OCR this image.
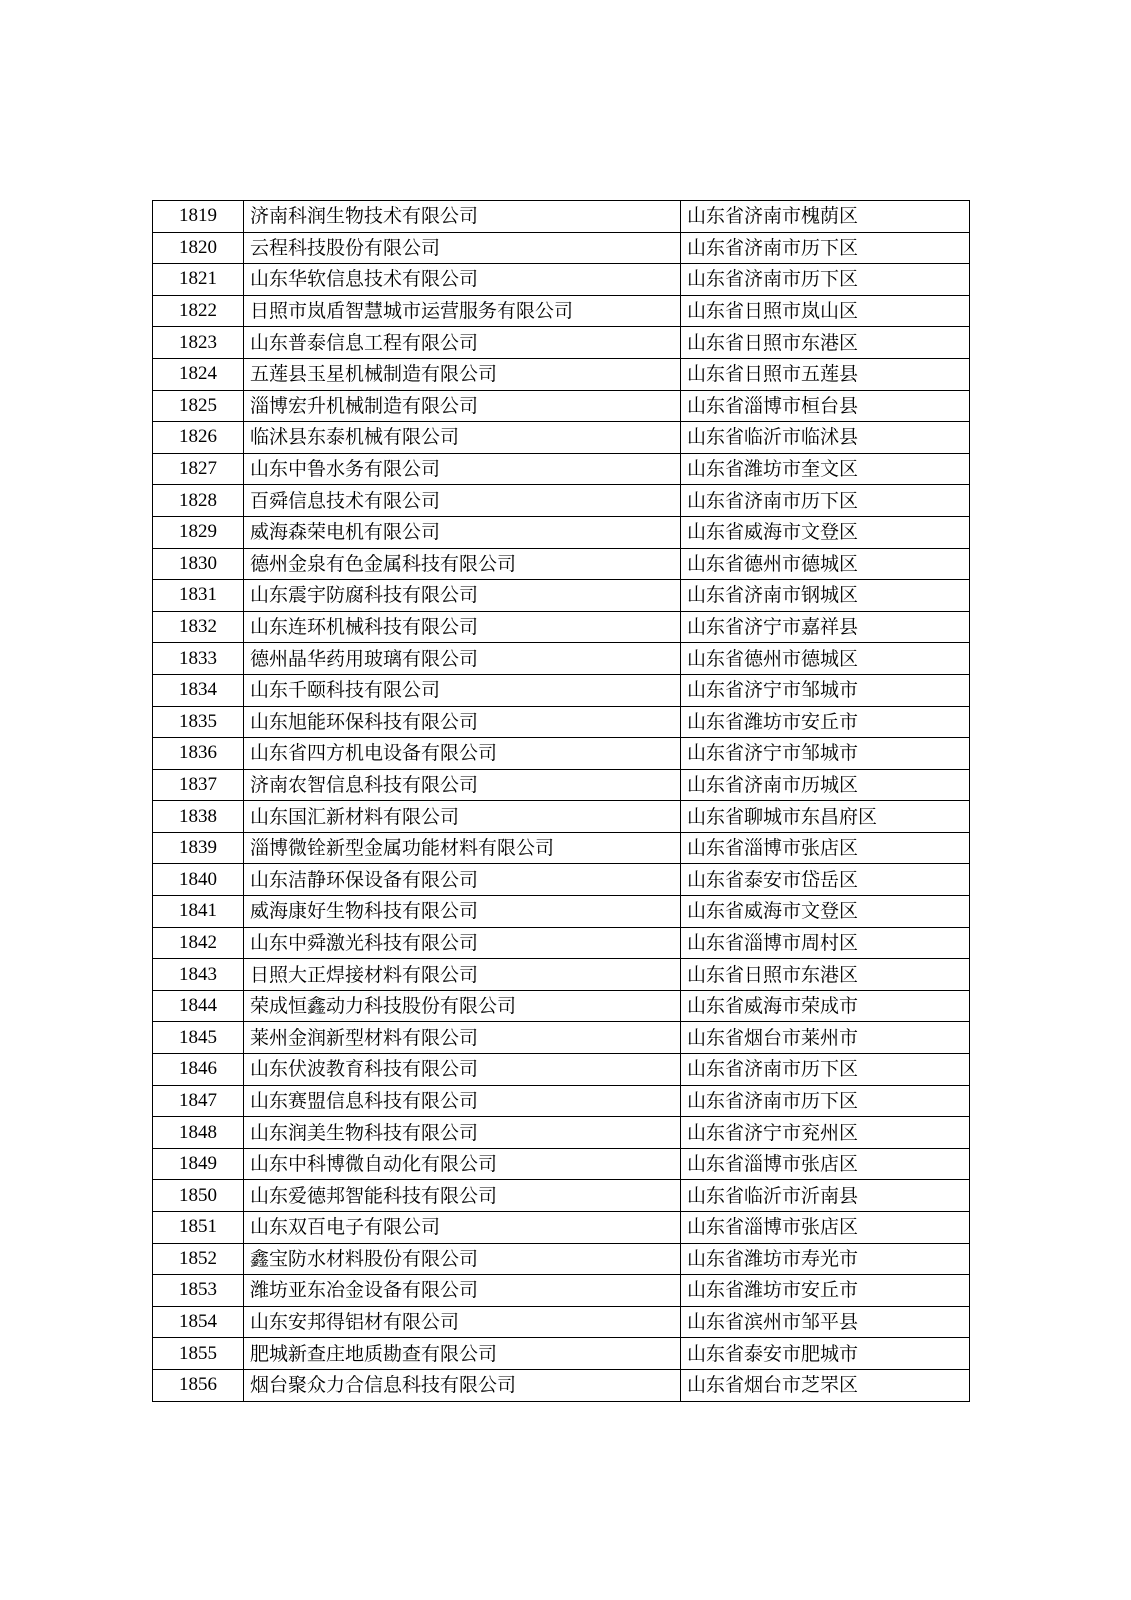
1819	济南科润生物技术有限公司	山东省济南市槐荫区
1820	云程科技股份有限公司	山东省济南市历下区
1821	山东华软信息技术有限公司	山东省济南市历下区
1822	日照市岚盾智慧城市运营服务有限公司	山东省日照市岚山区
1823	山东普泰信息工程有限公司	山东省日照市东港区
1824	五莲县玉星机械制造有限公司	山东省日照市五莲县
1825	淄博宏升机械制造有限公司	山东省淄博市桓台县
1826	临沭县东泰机械有限公司	山东省临沂市临沭县
1827	山东中鲁水务有限公司	山东省潍坊市奎文区
1828	百舜信息技术有限公司	山东省济南市历下区
1829	威海森荣电机有限公司	山东省威海市文登区
1830	德州金泉有色金属科技有限公司	山东省德州市德城区
1831	山东震宇防腐科技有限公司	山东省济南市钢城区
1832	山东连环机械科技有限公司	山东省济宁市嘉祥县
1833	德州晶华药用玻璃有限公司	山东省德州市德城区
1834	山东千颐科技有限公司	山东省济宁市邹城市
1835	山东旭能环保科技有限公司	山东省潍坊市安丘市
1836	山东省四方机电设备有限公司	山东省济宁市邹城市
1837	济南农智信息科技有限公司	山东省济南市历城区
1838	山东国汇新材料有限公司	山东省聊城市东昌府区
1839	淄博微铨新型金属功能材料有限公司	山东省淄博市张店区
1840	山东洁静环保设备有限公司	山东省泰安市岱岳区
1841	威海康好生物科技有限公司	山东省威海市文登区
1842	山东中舜激光科技有限公司	山东省淄博市周村区
1843	日照大正焊接材料有限公司	山东省日照市东港区
1844	荣成恒鑫动力科技股份有限公司	山东省威海市荣成市
1845	莱州金润新型材料有限公司	山东省烟台市莱州市
1846	山东伏波教育科技有限公司	山东省济南市历下区
1847	山东赛盟信息科技有限公司	山东省济南市历下区
1848	山东润美生物科技有限公司	山东省济宁市兖州区
1849	山东中科博微自动化有限公司	山东省淄博市张店区
1850	山东爱德邦智能科技有限公司	山东省临沂市沂南县
1851	山东双百电子有限公司	山东省淄博市张店区
1852	鑫宝防水材料股份有限公司	山东省潍坊市寿光市
1853	潍坊亚东冶金设备有限公司	山东省潍坊市安丘市
1854	山东安邦得铝材有限公司	山东省滨州市邹平县
1855	肥城新查庄地质勘查有限公司	山东省泰安市肥城市
1856	烟台聚众力合信息科技有限公司	山东省烟台市芝罘区
